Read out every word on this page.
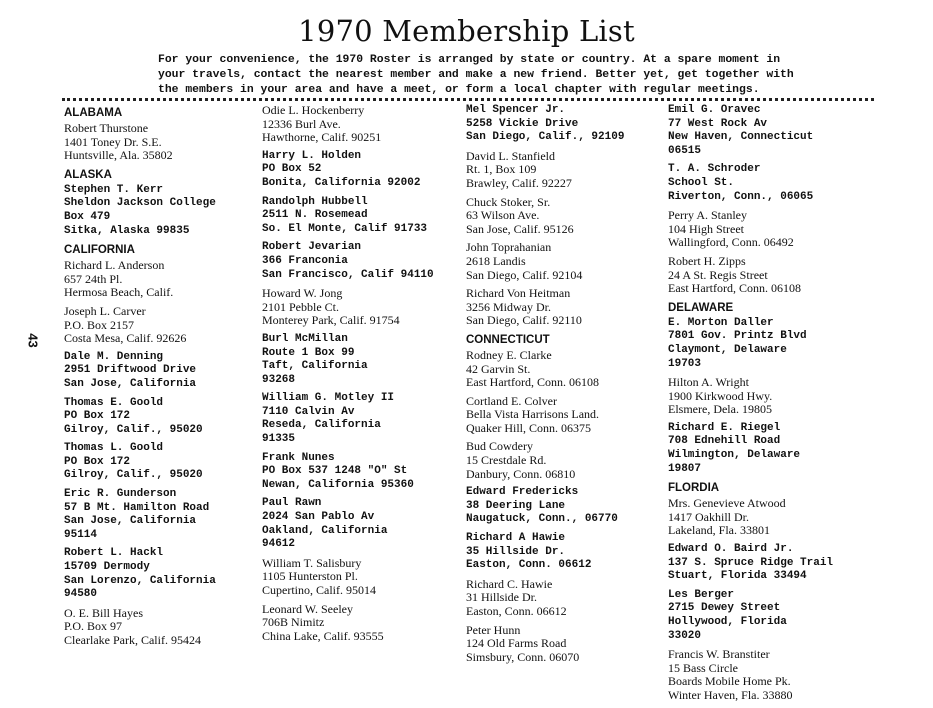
1970 Membership List
For your convenience, the 1970 Roster is arranged by state or country. At a spare moment in
your travels, contact the nearest member and make a new friend. Better yet, get together with
the members in your area and have a meet, or form a local chapter with regular meetings.
43
ALABAMA
Robert Thurstone
1401 Toney Dr. S.E.
Huntsville, Ala. 35802
ALASKA
Stephen T. Kerr
Sheldon Jackson College
Box 479
Sitka, Alaska 99835
CALIFORNIA
Richard L. Anderson
657 24th Pl.
Hermosa Beach, Calif.
Joseph L. Carver
P.O. Box 2157
Costa Mesa, Calif. 92626
Dale M. Denning
2951 Driftwood Drive
San Jose, California
Thomas E. Goold
PO Box 172
Gilroy, Calif., 95020
Thomas L. Goold
PO Box 172
Gilroy, Calif., 95020
Eric R. Gunderson
57 B Mt. Hamilton Road
San Jose, California
95114
Robert L. Hackl
15709 Dermody
San Lorenzo, California
94580
O. E. Bill Hayes
P.O. Box 97
Clearlake Park, Calif. 95424
Odie L. Hockenberry
12336 Burl Ave.
Hawthorne, Calif. 90251
Harry L. Holden
PO Box 52
Bonita, California 92002
Randolph Hubbell
2511 N. Rosemead
So. El Monte, Calif 91733
Robert Jevarian
366 Franconia
San Francisco, Calif 94110
Howard W. Jong
2101 Pebble Ct.
Monterey Park, Calif. 91754
Burl McMillan
Route 1 Box 99
Taft, California
93268
William G. Motley II
7110 Calvin Av
Reseda, California
91335
Frank Nunes
PO Box 537 1248 "O" St
Newan, California 95360
Paul Rawn
2024 San Pablo Av
Oakland, California
94612
William T. Salisbury
1105 Hunterston Pl.
Cupertino, Calif. 95014
Leonard W. Seeley
706B Nimitz
China Lake, Calif. 93555
Mel Spencer Jr.
5258 Vickie Drive
San Diego, Calif., 92109
David L. Stanfield
Rt. 1, Box 109
Brawley, Calif. 92227
Chuck Stoker, Sr.
63 Wilson Ave.
San Jose, Calif. 95126
John Toprahanian
2618 Landis
San Diego, Calif. 92104
Richard Von Heitman
3256 Midway Dr.
San Diego, Calif. 92110
CONNECTICUT
Rodney E. Clarke
42 Garvin St.
East Hartford, Conn. 06108
Cortland E. Colver
Bella Vista Harrisons Land.
Quaker Hill, Conn. 06375
Bud Cowdery
15 Crestdale Rd.
Danbury, Conn. 06810
Edward Fredericks
38 Deering Lane
Naugatuck, Conn., 06770
Richard A Hawie
35 Hillside Dr.
Easton, Conn. 06612
Richard C. Hawie
31 Hillside Dr.
Easton, Conn. 06612
Peter Hunn
124 Old Farms Road
Simsbury, Conn. 06070
Emil G. Oravec
77 West Rock Av
New Haven, Connecticut
06515
T. A. Schroder
School St.
Riverton, Conn., 06065
Perry A. Stanley
104 High Street
Wallingford, Conn. 06492
Robert H. Zipps
24 A St. Regis Street
East Hartford, Conn. 06108
DELAWARE
E. Morton Daller
7801 Gov. Printz Blvd
Claymont, Delaware
19703
Hilton A. Wright
1900 Kirkwood Hwy.
Elsmere, Dela. 19805
Richard E. Riegel
708 Ednehill Road
Wilmington, Delaware
19807
FLORDIA
Mrs. Genevieve Atwood
1417 Oakhill Dr.
Lakeland, Fla. 33801
Edward O. Baird Jr.
137 S. Spruce Ridge Trail
Stuart, Florida 33494
Les Berger
2715 Dewey Street
Hollywood, Florida
33020
Francis W. Branstiter
15 Bass Circle
Boards Mobile Home Pk.
Winter Haven, Fla. 33880
